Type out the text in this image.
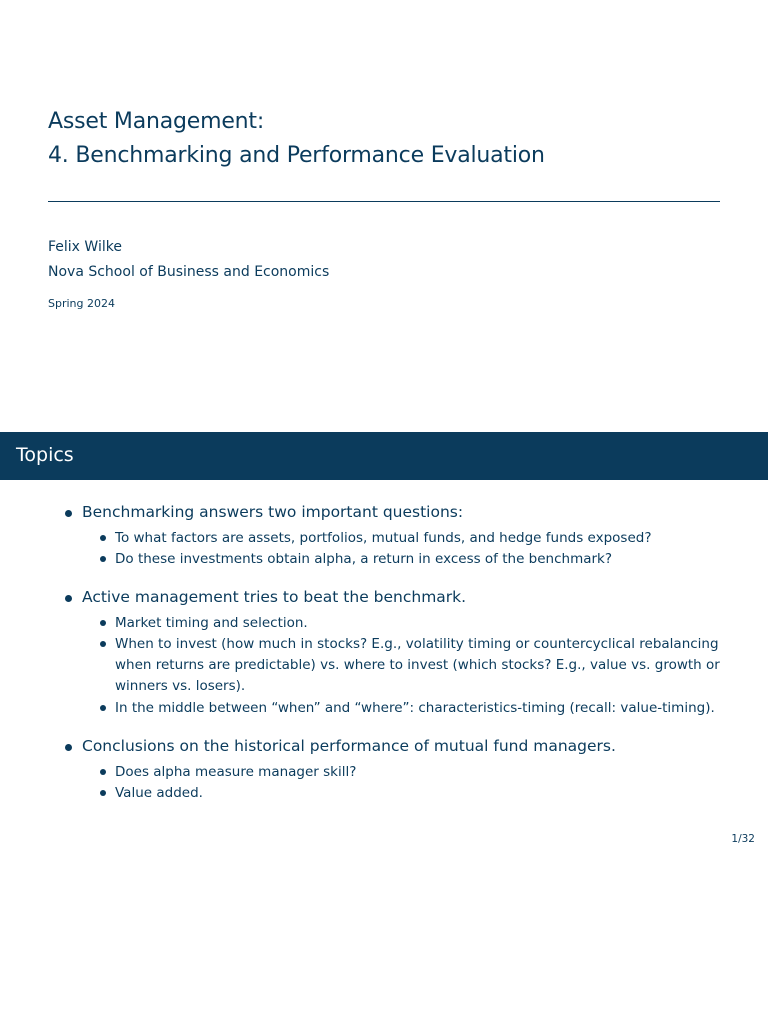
Asset Management:
4. Benchmarking and Performance Evaluation
Felix Wilke
Nova School of Business and Economics
Spring 2024
Topics
Benchmarking answers two important questions:
To what factors are assets, portfolios, mutual funds, and hedge funds exposed?
Do these investments obtain alpha, a return in excess of the benchmark?
Active management tries to beat the benchmark.
Market timing and selection.
When to invest (how much in stocks? E.g., volatility timing or countercyclical rebalancing when returns are predictable) vs. where to invest (which stocks? E.g., value vs. growth or winners vs. losers).
In the middle between “when” and “where”: characteristics-timing (recall: value-timing).
Conclusions on the historical performance of mutual fund managers.
Does alpha measure manager skill?
Value added.
1/32
